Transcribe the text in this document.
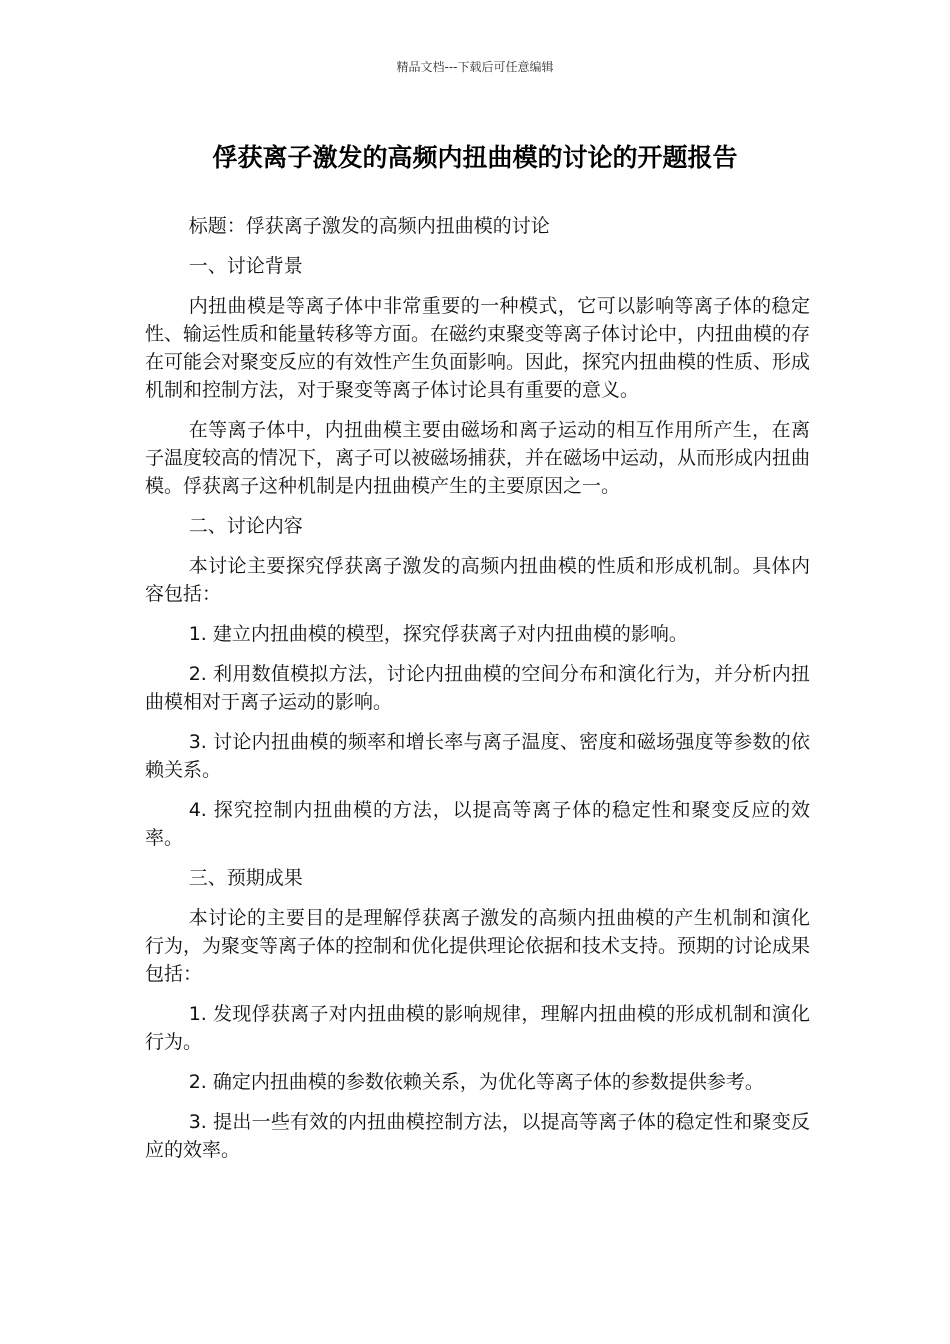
精品文档---下载后可任意编辑
俘获离子激发的高频内扭曲模的讨论的开题报告

标题：俘获离子激发的高频内扭曲模的讨论

一、讨论背景

内扭曲模是等离子体中非常重要的一种模式，它可以影响等离子体的稳定性、输运性质和能量转移等方面。在磁约束聚变等离子体讨论中，内扭曲模的存在可能会对聚变反应的有效性产生负面影响。因此，探究内扭曲模的性质、形成机制和控制方法，对于聚变等离子体讨论具有重要的意义。

在等离子体中，内扭曲模主要由磁场和离子运动的相互作用所产生，在离子温度较高的情况下，离子可以被磁场捕获，并在磁场中运动，从而形成内扭曲模。俘获离子这种机制是内扭曲模产生的主要原因之一。

二、讨论内容

本讨论主要探究俘获离子激发的高频内扭曲模的性质和形成机制。具体内容包括：

1. 建立内扭曲模的模型，探究俘获离子对内扭曲模的影响。

2. 利用数值模拟方法，讨论内扭曲模的空间分布和演化行为，并分析内扭曲模相对于离子运动的影响。

3. 讨论内扭曲模的频率和增长率与离子温度、密度和磁场强度等参数的依赖关系。

4. 探究控制内扭曲模的方法，以提高等离子体的稳定性和聚变反应的效率。

三、预期成果

本讨论的主要目的是理解俘获离子激发的高频内扭曲模的产生机制和演化行为，为聚变等离子体的控制和优化提供理论依据和技术支持。预期的讨论成果包括：

1. 发现俘获离子对内扭曲模的影响规律，理解内扭曲模的形成机制和演化行为。

2. 确定内扭曲模的参数依赖关系，为优化等离子体的参数提供参考。

3. 提出一些有效的内扭曲模控制方法，以提高等离子体的稳定性和聚变反应的效率。
